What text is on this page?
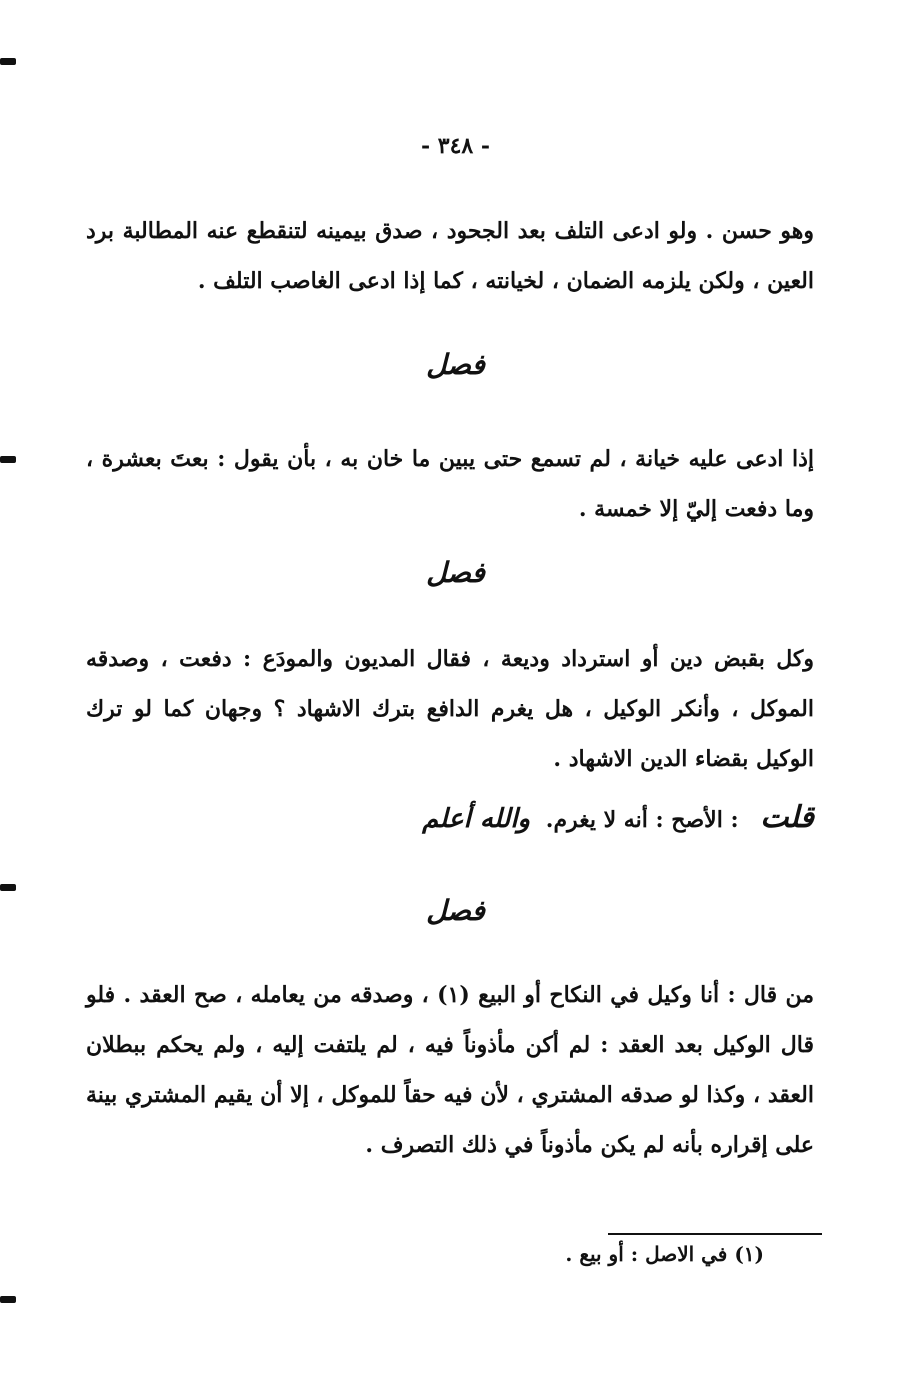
- ٣٤٨ -

وهو حسن . ولو ادعى التلف بعد الجحود ، صدق بيمينه لتنقطع عنه المطالبة برد العين ، ولكن يلزمه الضمان ، لخيانته ، كما إذا ادعى الغاصب التلف .

فصل

إذا ادعى عليه خيانة ، لم تسمع حتى يبين ما خان به ، بأن يقول : بعتَ بعشرة ، وما دفعت إليّ إلا خمسة .

فصل

وكل بقبض دين أو استرداد وديعة ، فقال المديون والمودَع : دفعت ، وصدقه الموكل ، وأنكر الوكيل ، هل يغرم الدافع بترك الاشهاد ؟ وجهان كما لو ترك الوكيل بقضاء الدين الاشهاد .

قلت : الأصح : أنه لا يغرم. والله أعلم
فصل

من قال : أنا وكيل في النكاح أو البيع (١) ، وصدقه من يعامله ، صح العقد . فلو قال الوكيل بعد العقد : لم أكن مأذوناً فيه ، لم يلتفت إليه ، ولم يحكم ببطلان العقد ، وكذا لو صدقه المشتري ، لأن فيه حقاً للموكل ، إلا أن يقيم المشتري بينة على إقراره بأنه لم يكن مأذوناً في ذلك التصرف .

(١) في الاصل : أو بيع .
